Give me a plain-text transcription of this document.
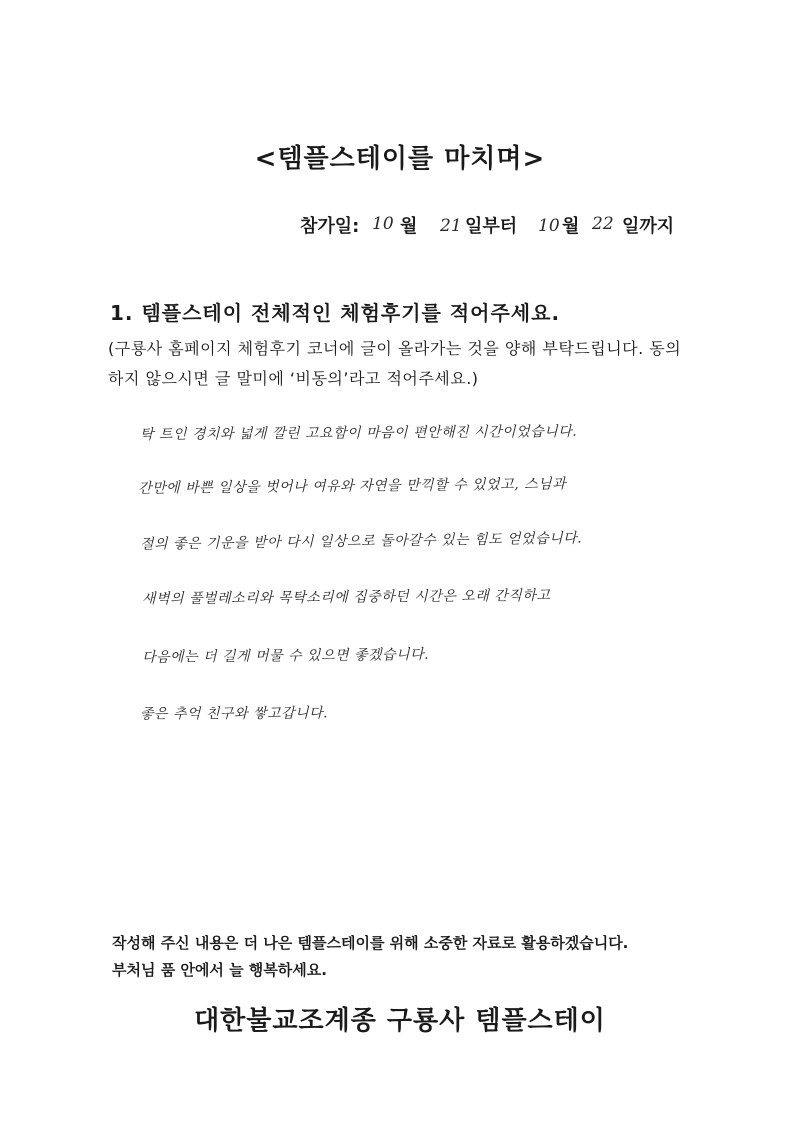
<템플스테이를 마치며>
참가일: 10 월 21 일부터 10 월 22 일까지
1. 템플스테이 전체적인 체험후기를 적어주세요.
(구룡사 홈페이지 체험후기 코너에 글이 올라가는 것을 양해 부탁드립니다. 동의하지 않으시면 글 말미에 ‘비동의’라고 적어주세요.)
탁 트인 경치와 넓게 깔린 고요함이 마음이 편안해진 시간이었습니다.
간만에 바쁜 일상을 벗어나 여유와 자연을 만끽할 수 있었고, 스님과
절의 좋은 기운을 받아 다시 일상으로 돌아갈수 있는 힘도 얻었습니다.
새벽의 풀벌레소리와 목탁소리에 집중하던 시간은 오래 간직하고
다음에는 더 길게 머물 수 있으면 좋겠습니다.
좋은 추억 친구와 쌓고갑니다.
작성해 주신 내용은 더 나은 템플스테이를 위해 소중한 자료로 활용하겠습니다.
부처님 품 안에서 늘 행복하세요.
대한불교조계종 구룡사 템플스테이
